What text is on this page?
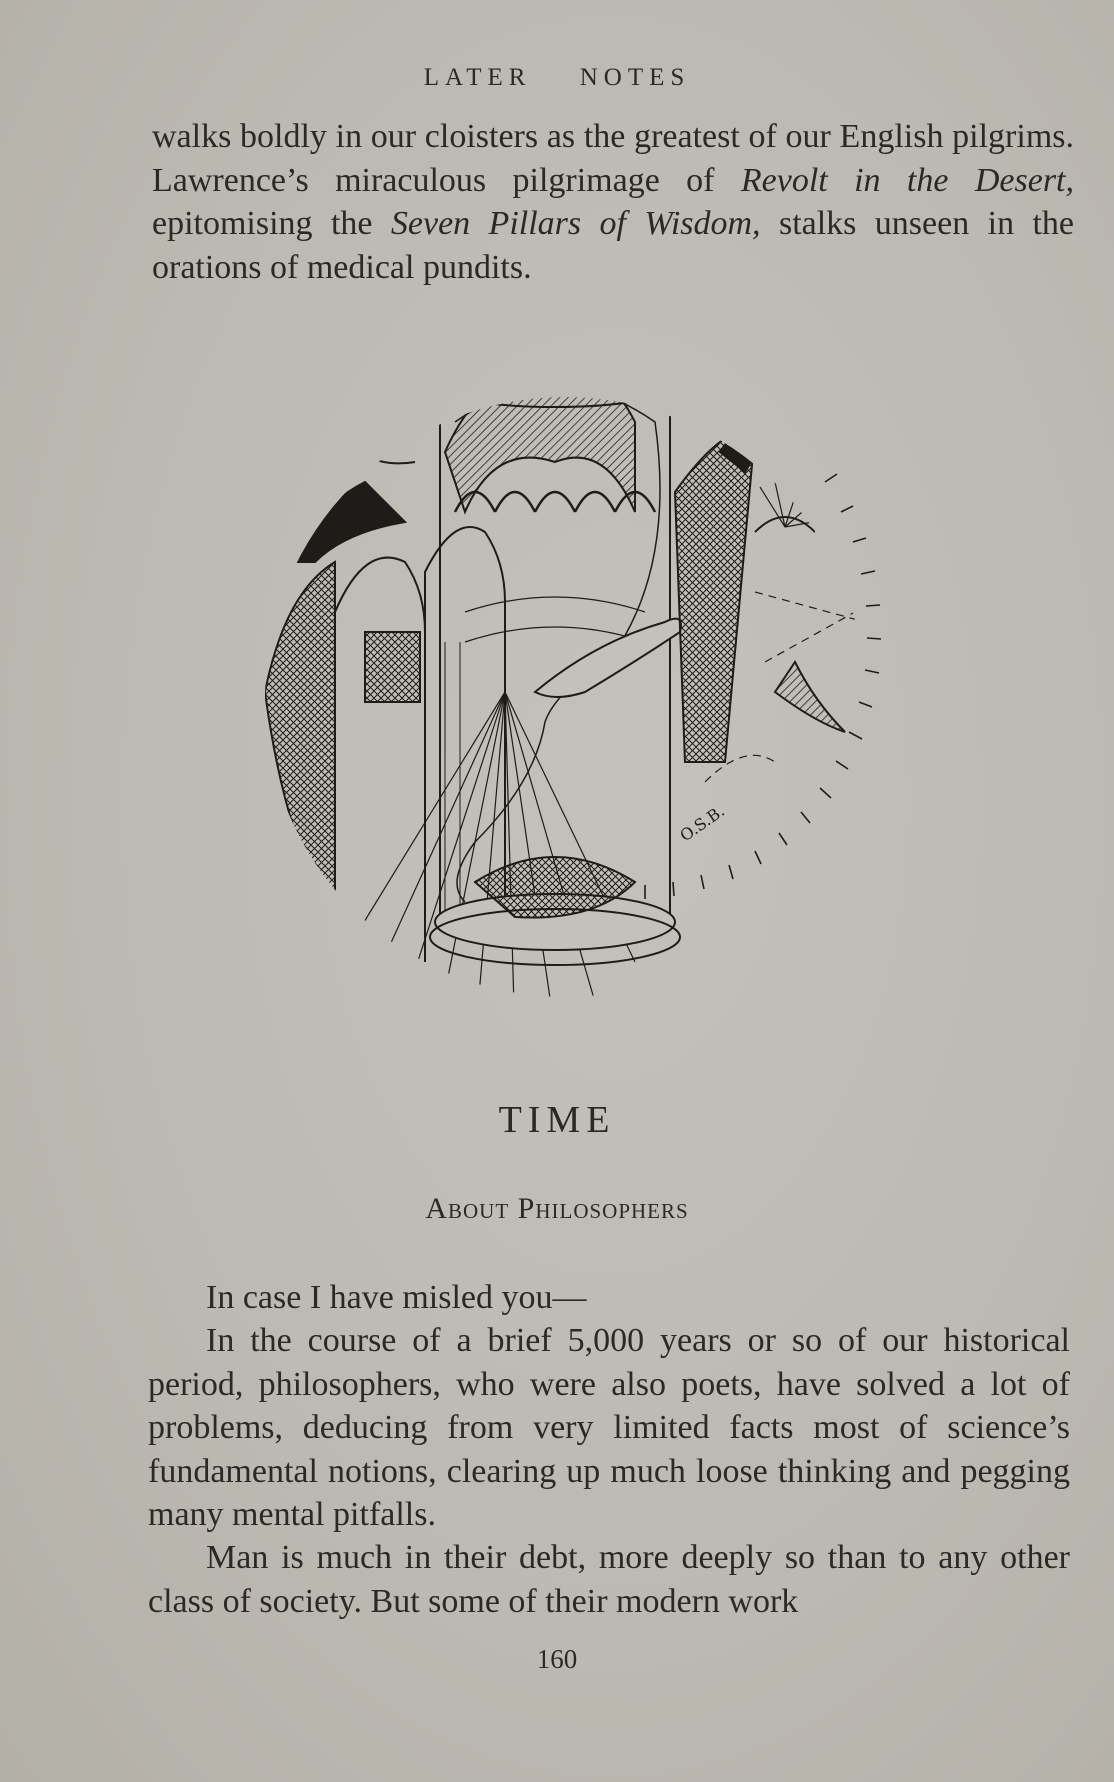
LATER NOTES

walks boldly in our cloisters as the greatest of our English pilgrims. Lawrence’s miraculous pilgrimage of Revolt in the Desert, epitomising the Seven Pillars of Wisdom, stalks unseen in the orations of medical pundits.

O.S.B.
TIME
About Philosophers

In case I have misled you—

In the course of a brief 5,000 years or so of our historical period, philosophers, who were also poets, have solved a lot of problems, deducing from very limited facts most of science’s fundamental notions, clearing up much loose thinking and pegging many mental pitfalls.

Man is much in their debt, more deeply so than to any other class of society. But some of their modern work

160
